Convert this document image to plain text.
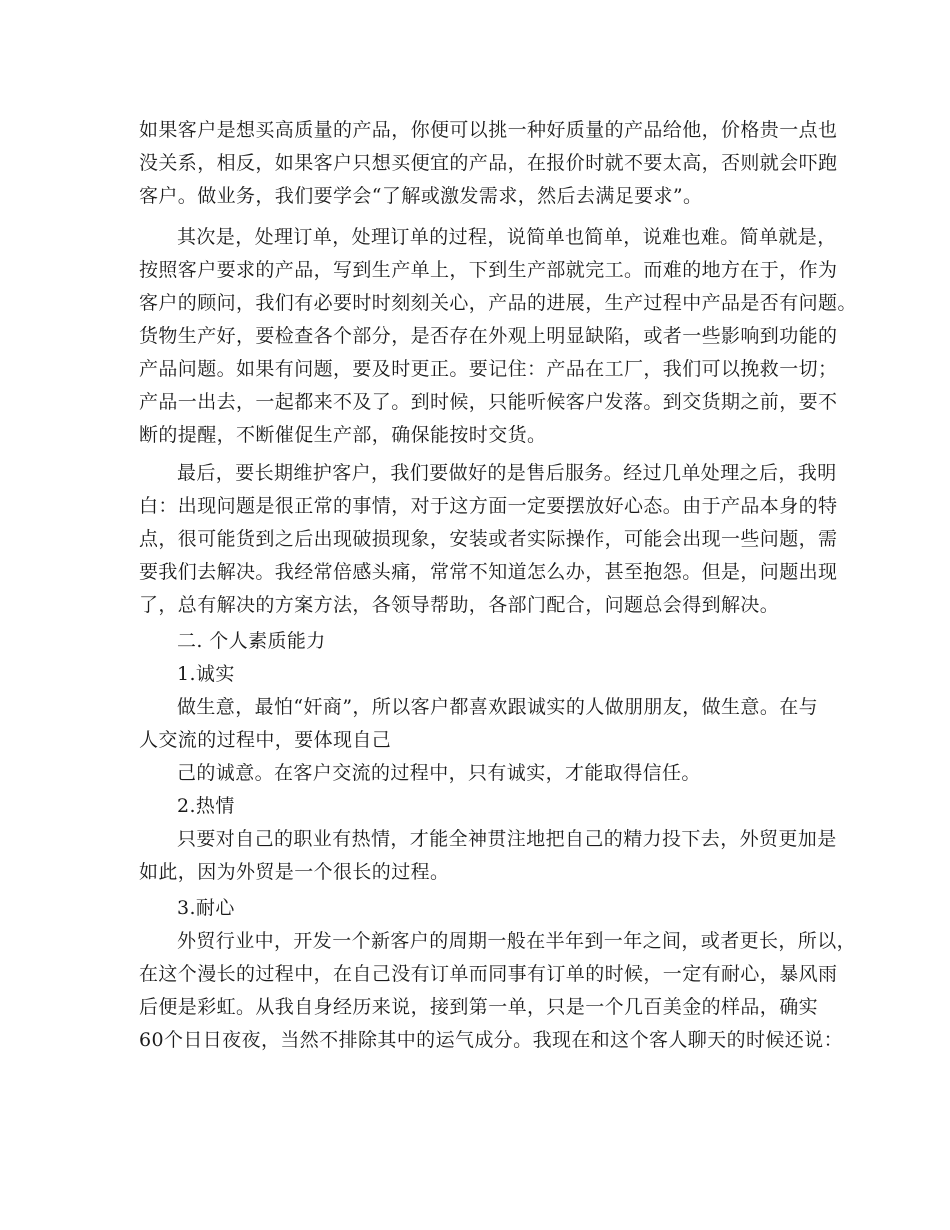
如果客户是想买高质量的产品，你便可以挑一种好质量的产品给他，价格贵一点也
没关系，相反，如果客户只想买便宜的产品，在报价时就不要太高，否则就会吓跑
客户。做业务，我们要学会“了解或激发需求，然后去满足要求”。
其次是，处理订单，处理订单的过程，说简单也简单，说难也难。简单就是，
按照客户要求的产品，写到生产单上，下到生产部就完工。而难的地方在于，作为
客户的顾问，我们有必要时时刻刻关心，产品的进展，生产过程中产品是否有问题。
货物生产好，要检查各个部分，是否存在外观上明显缺陷，或者一些影响到功能的
产品问题。如果有问题，要及时更正。要记住：产品在工厂，我们可以挽救一切；
产品一出去，一起都来不及了。到时候，只能听候客户发落。到交货期之前，要不
断的提醒，不断催促生产部，确保能按时交货。
最后，要长期维护客户，我们要做好的是售后服务。经过几单处理之后，我明
白：出现问题是很正常的事情，对于这方面一定要摆放好心态。由于产品本身的特
点，很可能货到之后出现破损现象，安装或者实际操作，可能会出现一些问题，需
要我们去解决。我经常倍感头痛，常常不知道怎么办，甚至抱怨。但是，问题出现
了，总有解决的方案方法，各领导帮助，各部门配合，问题总会得到解决。
二. 个人素质能力
1.诚实
做生意，最怕“奸商”，所以客户都喜欢跟诚实的人做朋朋友，做生意。在与
人交流的过程中，要体现自己
己的诚意。在客户交流的过程中，只有诚实，才能取得信任。
2.热情
只要对自己的职业有热情，才能全神贯注地把自己的精力投下去，外贸更加是
如此，因为外贸是一个很长的过程。
3.耐心
外贸行业中，开发一个新客户的周期一般在半年到一年之间，或者更长，所以，
在这个漫长的过程中，在自己没有订单而同事有订单的时候，一定有耐心，暴风雨
后便是彩虹。从我自身经历来说，接到第一单，只是一个几百美金的样品，确实
60个日日夜夜，当然不排除其中的运气成分。我现在和这个客人聊天的时候还说：
